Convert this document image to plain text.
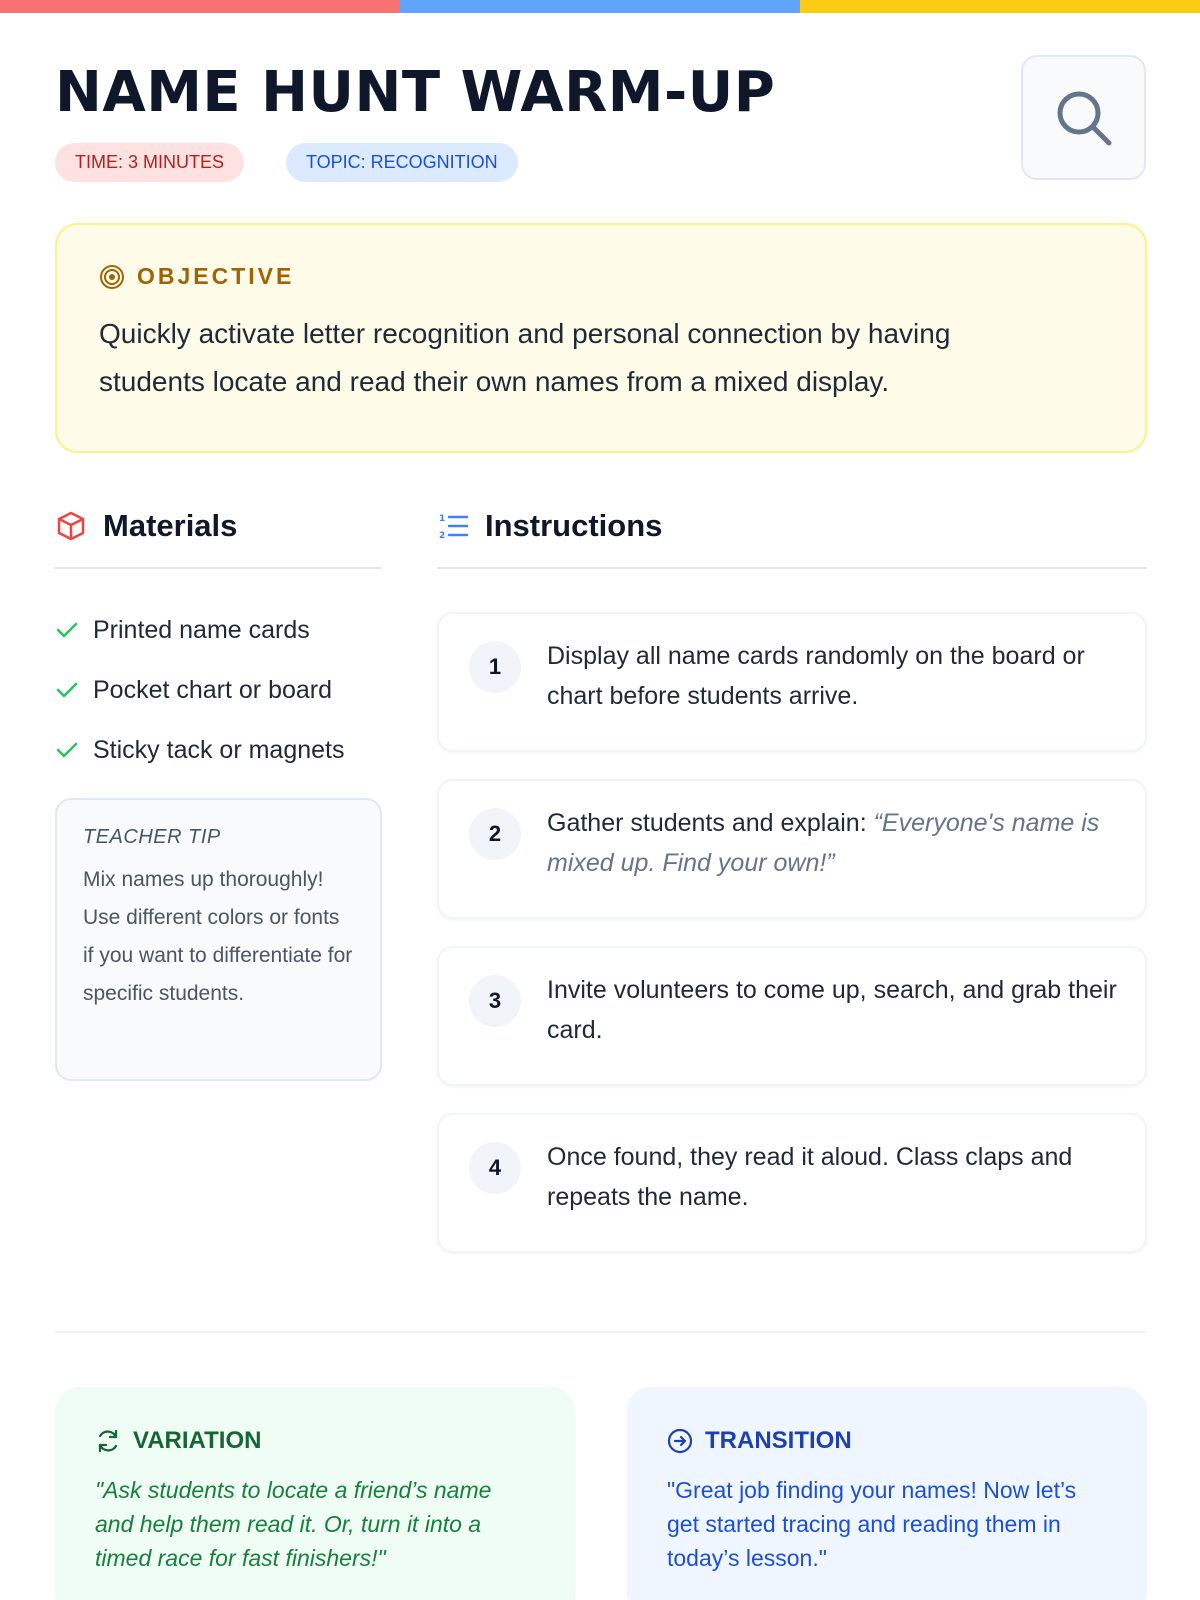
NAME HUNT WARM-UP
TIME: 3 MINUTES	TOPIC: RECOGNITION
OBJECTIVE

Quickly activate letter recognition and personal connection by having students locate and read their own names from a mixed display.

Materials
Printed name cards
Pocket chart or board
Sticky tack or magnets
TEACHER TIP

Mix names up thoroughly! Use different colors or fonts if you want to differentiate for specific students.

1
2 Instructions
1	Display all name cards randomly on the board or chart before students arrive.

2	Gather students and explain: “Everyone's name is mixed up. Find your own!”

3	Invite volunteers to come up, search, and grab their card.

4	Once found, they read it aloud. Class claps and repeats the name.

VARIATION

"Ask students to locate a friend’s name and help them read it. Or, turn it into a timed race for fast finishers!"

TRANSITION

"Great job finding your names! Now let’s get started tracing and reading them in today’s lesson."
